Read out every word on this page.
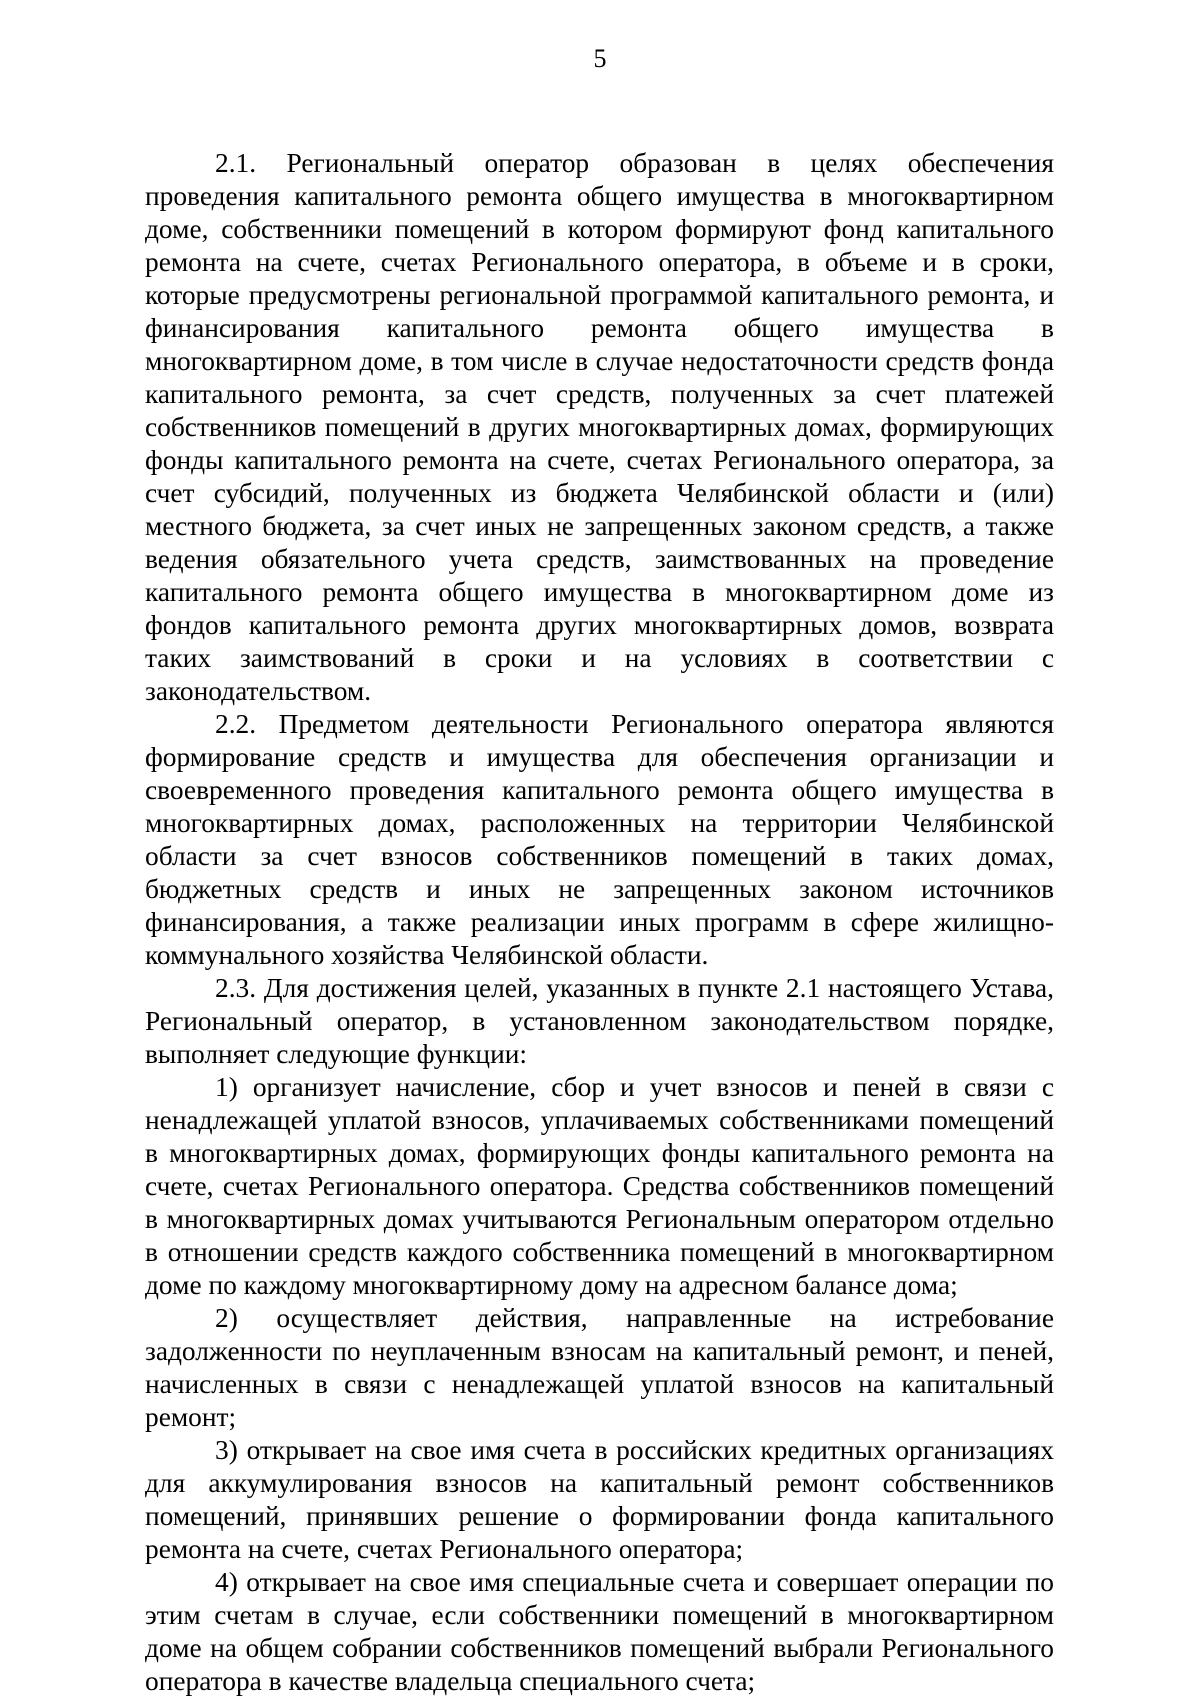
5

2.1. Региональный оператор образован в целях обеспечения проведения капитального ремонта общего имущества в многоквартирном доме, собственники помещений в котором формируют фонд капитального ремонта на счете, счетах Регионального оператора, в объеме и в сроки, которые предусмотрены региональной программой капитального ремонта, и финансирования капитального ремонта общего имущества в многоквартирном доме, в том числе в случае недостаточности средств фонда капитального ремонта, за счет средств, полученных за счет платежей собственников помещений в других многоквартирных домах, формирующих фонды капитального ремонта на счете, счетах Регионального оператора, за счет субсидий, полученных из бюджета Челябинской области и (или) местного бюджета, за счет иных не запрещенных законом средств, а также ведения обязательного учета средств, заимствованных на проведение капитального ремонта общего имущества в многоквартирном доме из фондов капитального ремонта других многоквартирных домов, возврата таких заимствований в сроки и на условиях в соответствии с законодательством.

2.2. Предметом деятельности Регионального оператора являются формирование средств и имущества для обеспечения организации и своевременного проведения капитального ремонта общего имущества в многоквартирных домах, расположенных на территории Челябинской области за счет взносов собственников помещений в таких домах, бюджетных средств и иных не запрещенных законом источников финансирования, а также реализации иных программ в сфере жилищно-коммунального хозяйства Челябинской области.

2.3. Для достижения целей, указанных в пункте 2.1 настоящего Устава, Региональный оператор, в установленном законодательством порядке, выполняет следующие функции:

1) организует начисление, сбор и учет взносов и пеней в связи с ненадлежащей уплатой взносов, уплачиваемых собственниками помещений в многоквартирных домах, формирующих фонды капитального ремонта на счете, счетах Регионального оператора. Средства собственников помещений в многоквартирных домах учитываются Региональным оператором отдельно в отношении средств каждого собственника помещений в многоквартирном доме по каждому многоквартирному дому на адресном балансе дома;

2) осуществляет действия, направленные на истребование задолженности по неуплаченным взносам на капитальный ремонт, и пеней, начисленных в связи с ненадлежащей уплатой взносов на капитальный ремонт;

3) открывает на свое имя счета в российских кредитных организациях для аккумулирования взносов на капитальный ремонт собственников помещений, принявших решение о формировании фонда капитального ремонта на счете, счетах Регионального оператора;

4) открывает на свое имя специальные счета и совершает операции по этим счетам в случае, если собственники помещений в многоквартирном доме на общем собрании собственников помещений выбрали Регионального оператора в качестве владельца специального счета;
